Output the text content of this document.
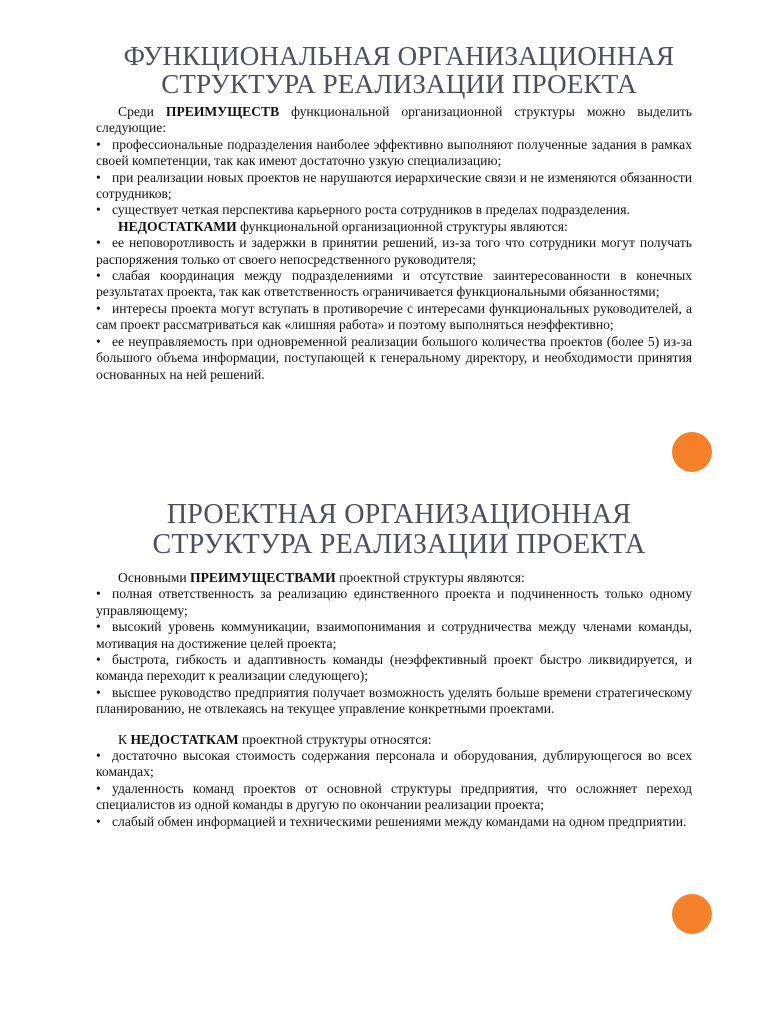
ФУНКЦИОНАЛЬНАЯ ОРГАНИЗАЦИОННАЯ
СТРУКТУРА РЕАЛИЗАЦИИ ПРОЕКТА

Среди ПРЕИМУЩЕСТВ функциональной организационной структуры можно выделить следующие:

• профессиональные подразделения наиболее эффективно выполняют полученные задания в рамках своей компетенции, так как имеют достаточно узкую специализацию;

• при реализации новых проектов не нарушаются иерархические связи и не изменяются обязанности сотрудников;

• существует четкая перспектива карьерного роста сотрудников в пределах подразделения.

НЕДОСТАТКАМИ функциональной организационной структуры являются:

• ее неповоротливость и задержки в принятии решений, из-за того что сотрудники могут получать распоряжения только от своего непосредственного руководителя;

• слабая координация между подразделениями и отсутствие заинтересованности в конечных результатах проекта, так как ответственность ограничивается функциональными обязанностями;

• интересы проекта могут вступать в противоречие с интересами функциональных руководителей, а сам проект рассматриваться как «лишняя работа» и поэтому выполняться неэффективно;

• ее неуправляемость при одновременной реализации большого количества проектов (более 5) из-за большого объема информации, поступающей к генеральному директору, и необходимости принятия основанных на ней решений.

ПРОЕКТНАЯ ОРГАНИЗАЦИОННАЯ
СТРУКТУРА РЕАЛИЗАЦИИ ПРОЕКТА

Основными ПРЕИМУЩЕСТВАМИ проектной структуры являются:

• полная ответственность за реализацию единственного проекта и подчиненность только одному управляющему;

• высокий уровень коммуникации, взаимопонимания и сотрудничества между членами команды, мотивация на достижение целей проекта;

• быстрота, гибкость и адаптивность команды (неэффективный проект быстро ликвидируется, и команда переходит к реализации следующего);

• высшее руководство предприятия получает возможность уделять больше времени стратегическому планированию, не отвлекаясь на текущее управление конкретными проектами.

К НЕДОСТАТКАМ проектной структуры относятся:

• достаточно высокая стоимость содержания персонала и оборудования, дублирующегося во всех командах;

• удаленность команд проектов от основной структуры предприятия, что осложняет переход специалистов из одной команды в другую по окончании реализации проекта;

• слабый обмен информацией и техническими решениями между командами на одном предприятии.
